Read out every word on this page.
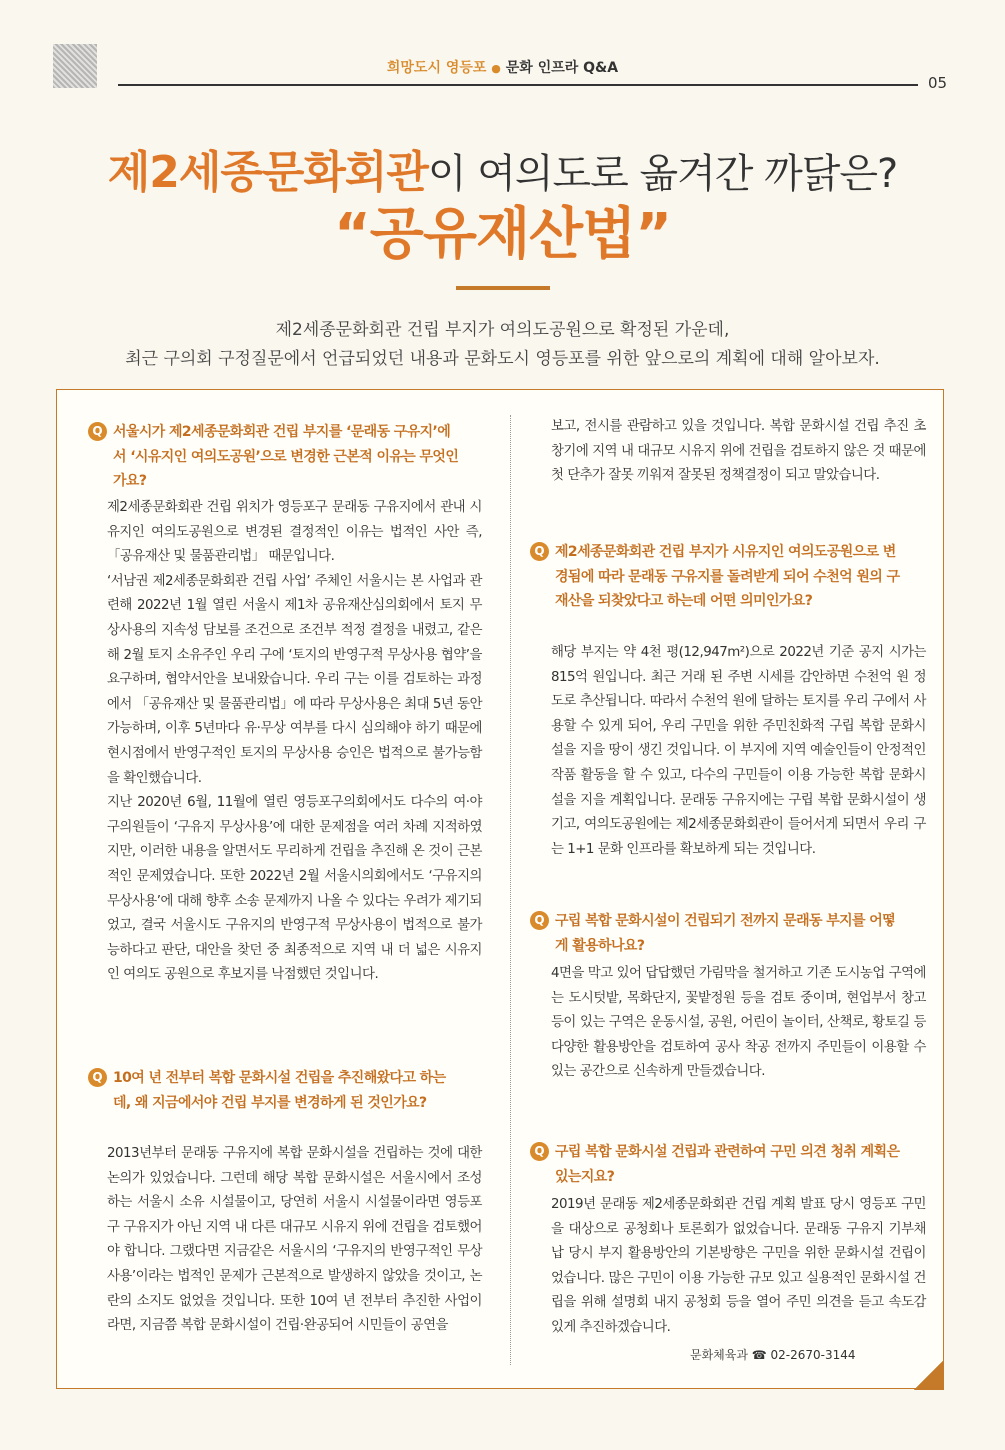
희망도시 영등포 ● 문화 인프라 Q&A
05
제2세종문화회관이 여의도로 옮겨간 까닭은?
“공유재산법”
제2세종문화회관 건립 부지가 여의도공원으로 확정된 가운데,
최근 구의회 구정질문에서 언급되었던 내용과 문화도시 영등포를 위한 앞으로의 계획에 대해 알아보자.
Q 서울시가 제2세종문화회관 건립 부지를 ‘문래동 구유지’에서 ‘시유지인 여의도공원’으로 변경한 근본적 이유는 무엇인가요?

제2세종문화회관 건립 위치가 영등포구 문래동 구유지에서 관내 시유지인 여의도공원으로 변경된 결정적인 이유는 법적인 사안 즉, 「공유재산 및 물품관리법」 때문입니다.

‘서남권 제2세종문화회관 건립 사업’ 주체인 서울시는 본 사업과 관련해 2022년 1월 열린 서울시 제1차 공유재산심의회에서 토지 무상사용의 지속성 담보를 조건으로 조건부 적정 결정을 내렸고, 같은 해 2월 토지 소유주인 우리 구에 ‘토지의 반영구적 무상사용 협약’을 요구하며, 협약서안을 보내왔습니다. 우리 구는 이를 검토하는 과정에서 「공유재산 및 물품관리법」에 따라 무상사용은 최대 5년 동안 가능하며, 이후 5년마다 유·무상 여부를 다시 심의해야 하기 때문에 현시점에서 반영구적인 토지의 무상사용 승인은 법적으로 불가능함을 확인했습니다.

지난 2020년 6월, 11월에 열린 영등포구의회에서도 다수의 여·야 구의원들이 ‘구유지 무상사용’에 대한 문제점을 여러 차례 지적하였지만, 이러한 내용을 알면서도 무리하게 건립을 추진해 온 것이 근본적인 문제였습니다. 또한 2022년 2월 서울시의회에서도 ‘구유지의 무상사용’에 대해 향후 소송 문제까지 나올 수 있다는 우려가 제기되었고, 결국 서울시도 구유지의 반영구적 무상사용이 법적으로 불가능하다고 판단, 대안을 찾던 중 최종적으로 지역 내 더 넓은 시유지인 여의도 공원으로 후보지를 낙점했던 것입니다.

Q 10여 년 전부터 복합 문화시설 건립을 추진해왔다고 하는데, 왜 지금에서야 건립 부지를 변경하게 된 것인가요?

2013년부터 문래동 구유지에 복합 문화시설을 건립하는 것에 대한 논의가 있었습니다. 그런데 해당 복합 문화시설은 서울시에서 조성하는 서울시 소유 시설물이고, 당연히 서울시 시설물이라면 영등포구 구유지가 아닌 지역 내 다른 대규모 시유지 위에 건립을 검토했어야 합니다. 그랬다면 지금같은 서울시의 ‘구유지의 반영구적인 무상사용’이라는 법적인 문제가 근본적으로 발생하지 않았을 것이고, 논란의 소지도 없었을 것입니다. 또한 10여 년 전부터 추진한 사업이라면, 지금쯤 복합 문화시설이 건립·완공되어 시민들이 공연을

보고, 전시를 관람하고 있을 것입니다. 복합 문화시설 건립 추진 초창기에 지역 내 대규모 시유지 위에 건립을 검토하지 않은 것 때문에 첫 단추가 잘못 끼워져 잘못된 정책결정이 되고 말았습니다.

Q 제2세종문화회관 건립 부지가 시유지인 여의도공원으로 변경됨에 따라 문래동 구유지를 돌려받게 되어 수천억 원의 구 재산을 되찾았다고 하는데 어떤 의미인가요?

해당 부지는 약 4천 평(12,947m²)으로 2022년 기준 공지 시가는 815억 원입니다. 최근 거래 된 주변 시세를 감안하면 수천억 원 정도로 추산됩니다. 따라서 수천억 원에 달하는 토지를 우리 구에서 사용할 수 있게 되어, 우리 구민을 위한 주민친화적 구립 복합 문화시설을 지을 땅이 생긴 것입니다. 이 부지에 지역 예술인들이 안정적인 작품 활동을 할 수 있고, 다수의 구민들이 이용 가능한 복합 문화시설을 지을 계획입니다. 문래동 구유지에는 구립 복합 문화시설이 생기고, 여의도공원에는 제2세종문화회관이 들어서게 되면서 우리 구는 1+1 문화 인프라를 확보하게 되는 것입니다.

Q 구립 복합 문화시설이 건립되기 전까지 문래동 부지를 어떻게 활용하나요?

4면을 막고 있어 답답했던 가림막을 철거하고 기존 도시농업 구역에는 도시텃밭, 목화단지, 꽃밭정원 등을 검토 중이며, 현업부서 창고 등이 있는 구역은 운동시설, 공원, 어린이 놀이터, 산책로, 황토길 등 다양한 활용방안을 검토하여 공사 착공 전까지 주민들이 이용할 수 있는 공간으로 신속하게 만들겠습니다.

Q 구립 복합 문화시설 건립과 관련하여 구민 의견 청취 계획은 있는지요?

2019년 문래동 제2세종문화회관 건립 계획 발표 당시 영등포 구민을 대상으로 공청회나 토론회가 없었습니다. 문래동 구유지 기부채납 당시 부지 활용방안의 기본방향은 구민을 위한 문화시설 건립이었습니다. 많은 구민이 이용 가능한 규모 있고 실용적인 문화시설 건립을 위해 설명회 내지 공청회 등을 열어 주민 의견을 듣고 속도감 있게 추진하겠습니다.

문화체육과 ☎ 02-2670-3144
